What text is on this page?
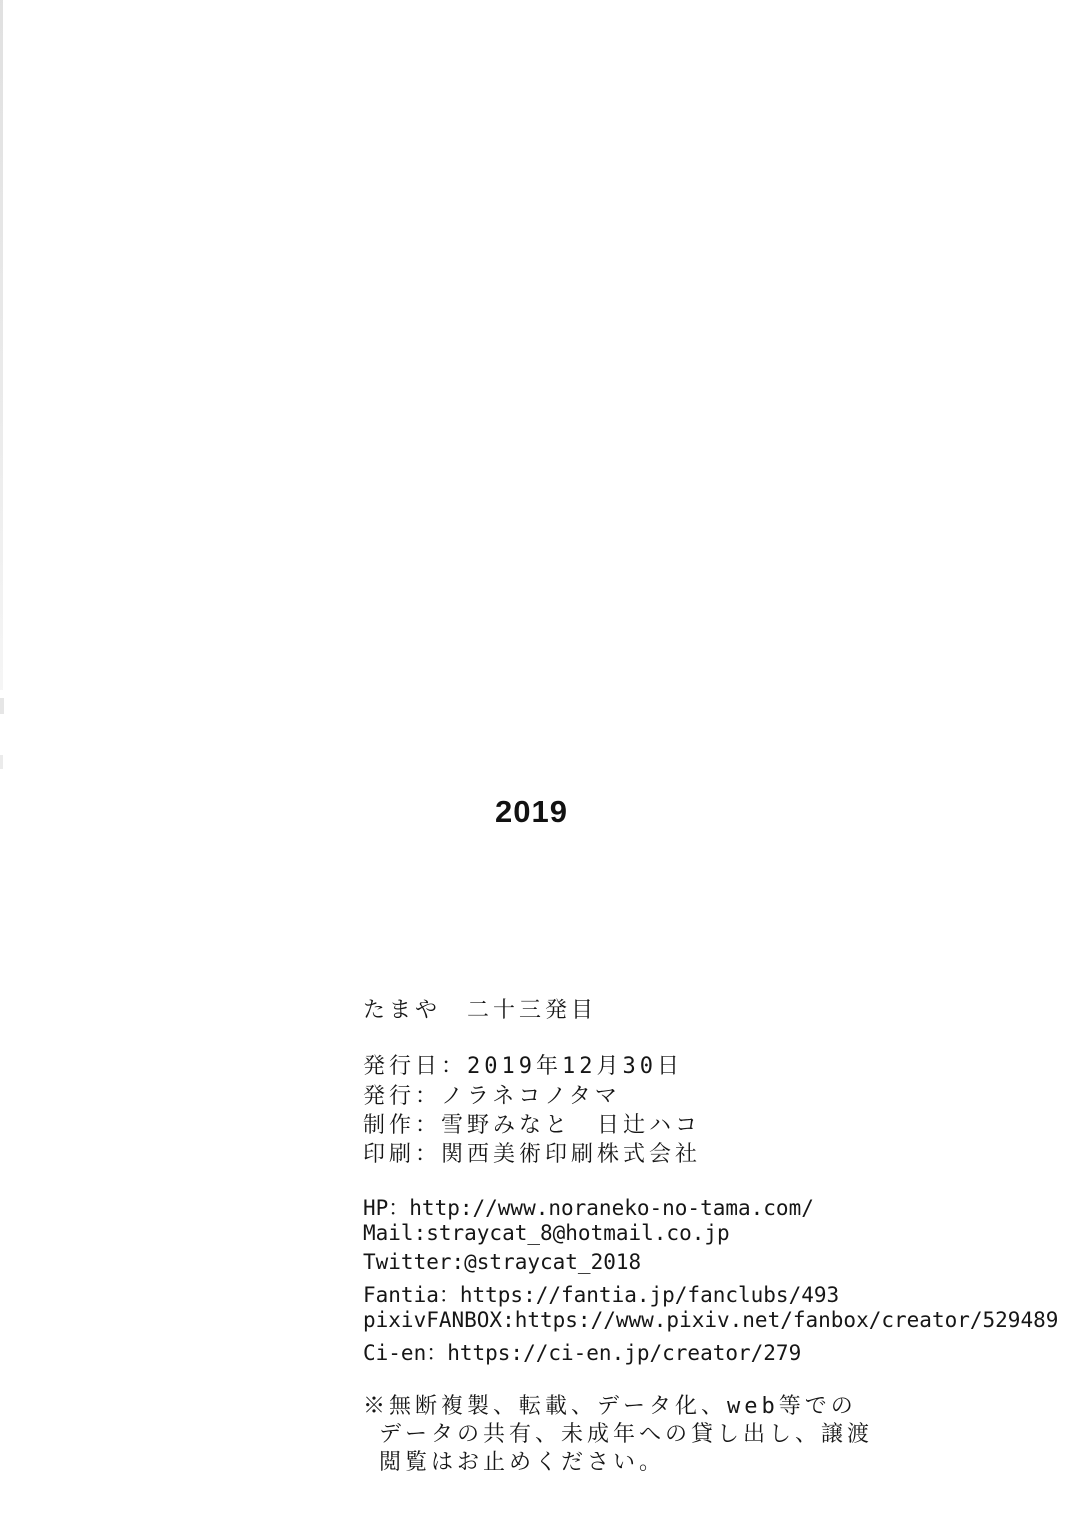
2019
たまや　二十三発目
発行日：2019年12月30日
発行：ノラネコノタマ
制作：雪野みなと　日辻ハコ
印刷：関西美術印刷株式会社
HP：http://www.noraneko-no-tama.com/
Mail:straycat_8@hotmail.co.jp
Twitter:@straycat_2018
Fantia：https://fantia.jp/fanclubs/493
pixivFANBOX:https://www.pixiv.net/fanbox/creator/529489
Ci-en：https://ci-en.jp/creator/279
※無断複製、転載、データ化、web等での
データの共有、未成年への貸し出し、譲渡
閲覧はお止めください。
